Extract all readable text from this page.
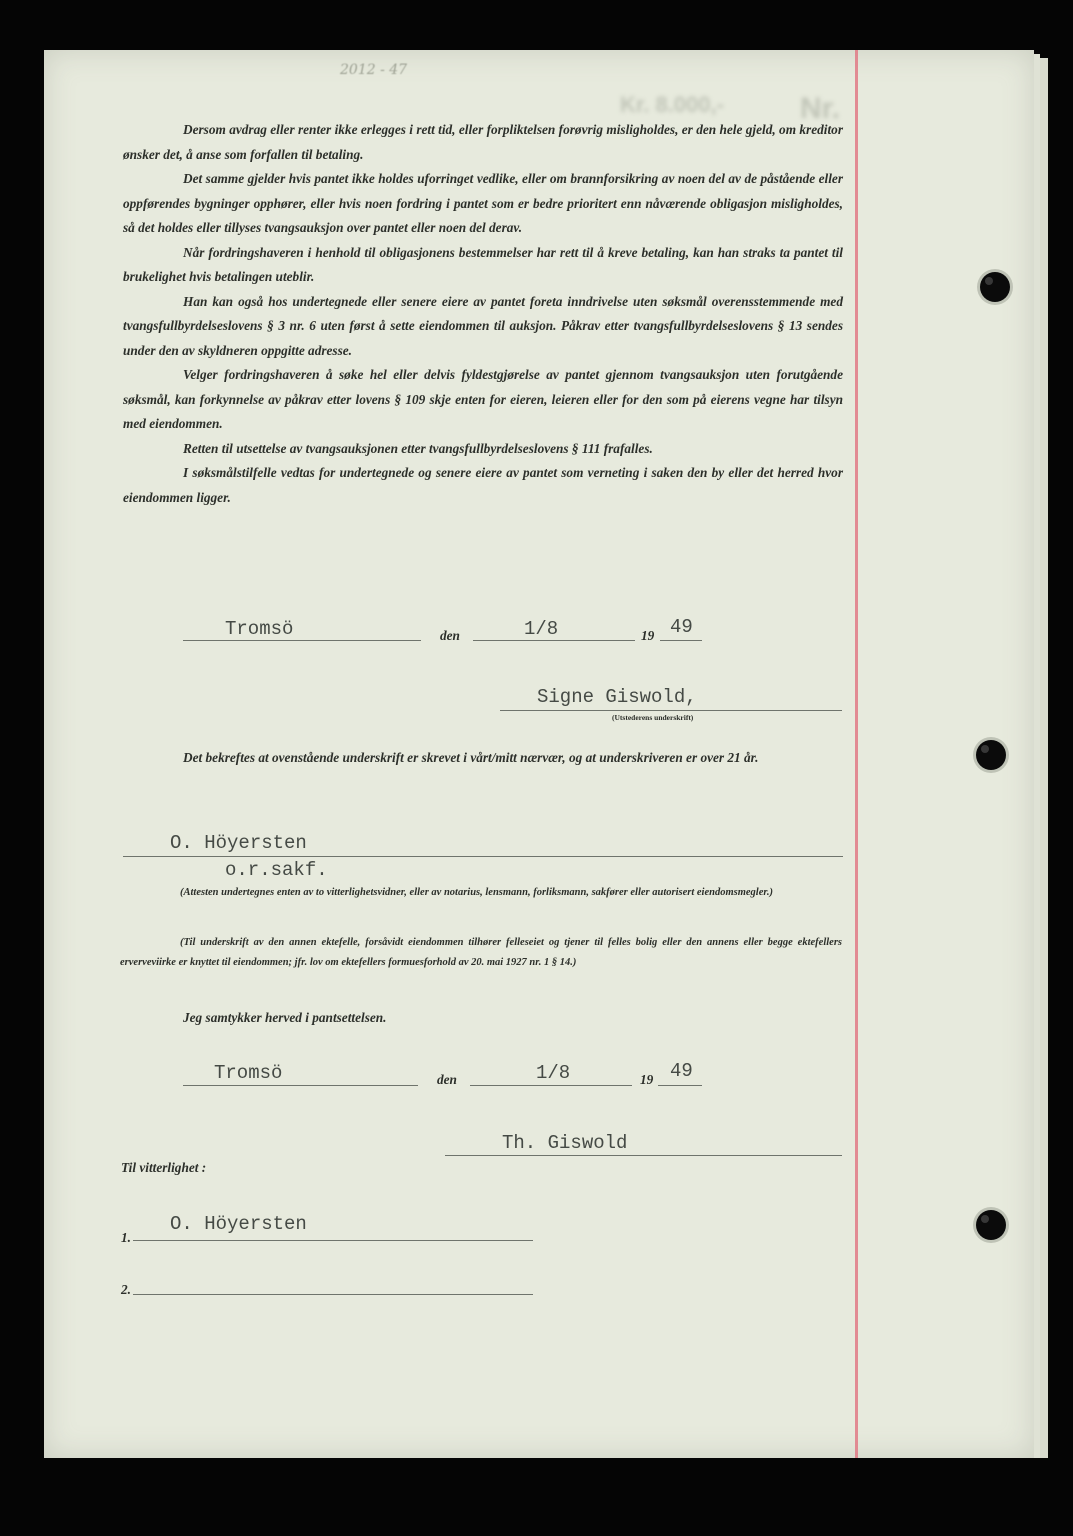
2012 - 47
Nr.
Kr. 8.000,-

Dersom avdrag eller renter ikke erlegges i rett tid, eller forpliktelsen forøvrig misligholdes, er den hele gjeld, om kreditor ønsker det, å anse som forfallen til betaling.

Det samme gjelder hvis pantet ikke holdes uforringet vedlike, eller om brannforsikring av noen del av de påstående eller oppførendes bygninger opphører, eller hvis noen fordring i pantet som er bedre prioritert enn nåværende obligasjon misligholdes, så det holdes eller tillyses tvangsauksjon over pantet eller noen del derav.

Når fordringshaveren i henhold til obligasjonens bestemmelser har rett til å kreve betaling, kan han straks ta pantet til brukelighet hvis betalingen uteblir.

Han kan også hos undertegnede eller senere eiere av pantet foreta inndrivelse uten søksmål overensstemmende med tvangsfullbyrdelseslovens § 3 nr. 6 uten først å sette eiendommen til auksjon. Påkrav etter tvangsfullbyrdelseslovens § 13 sendes under den av skyldneren oppgitte adresse.

Velger fordringshaveren å søke hel eller delvis fyldestgjørelse av pantet gjennom tvangsauksjon uten forutgående søksmål, kan forkynnelse av påkrav etter lovens § 109 skje enten for eieren, leieren eller for den som på eierens vegne har tilsyn med eiendommen.

Retten til utsettelse av tvangsauksjonen etter tvangsfullbyrdelseslovens § 111 frafalles.

I søksmålstilfelle vedtas for undertegnede og senere eiere av pantet som verneting i saken den by eller det herred hvor eiendommen ligger.

Tromsö	den	1/8	19 49
Signe Giswold,
(Utstederens underskrift)

Det bekreftes at ovenstående underskrift er skrevet i vårt/mitt nærvær, og at underskriveren er over 21 år.

O. Höyersten
o.r.sakf.

(Attesten undertegnes enten av to vitterlighetsvidner, eller av notarius, lensmann, forliksmann, sakfører eller autorisert eiendomsmegler.)

(Til underskrift av den annen ektefelle, forsåvidt eiendommen tilhører felleseiet og tjener til felles bolig eller den annens eller begge ektefellers erverveviirke er knyttet til eiendommen; jfr. lov om ektefellers formuesforhold av 20. mai 1927 nr. 1 § 14.)

Jeg samtykker herved i pantsettelsen.
Tromsö	den	1/8	19 49
Th. Giswold
Til vitterlighet :
1.
O. Höyersten
2.
